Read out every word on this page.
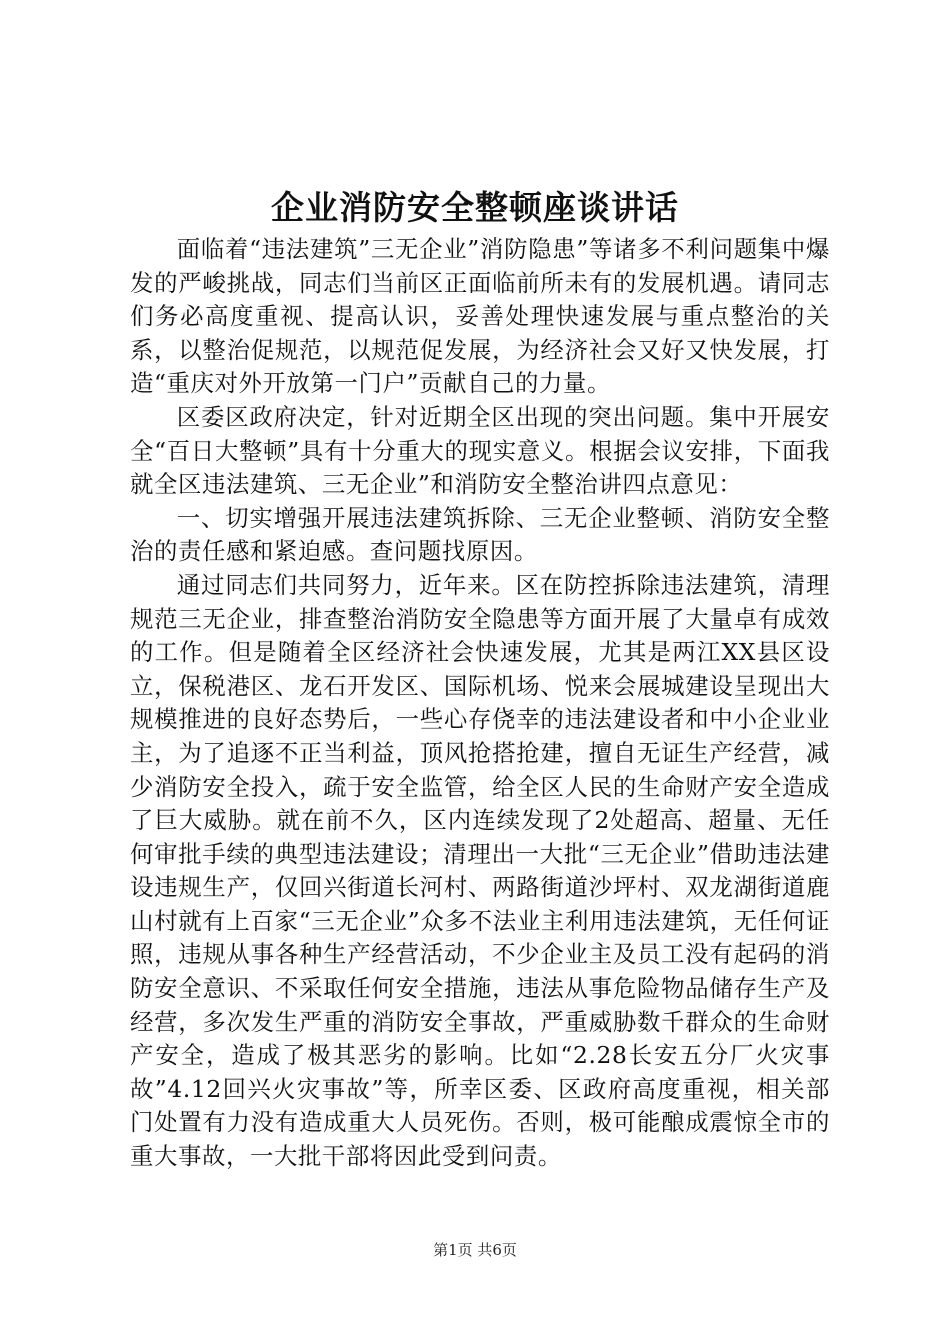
企业消防安全整顿座谈讲话

面临着“违法建筑”三无企业”消防隐患”等诸多不利问题集中爆发的严峻挑战，同志们当前区正面临前所未有的发展机遇。请同志们务必高度重视、提高认识，妥善处理快速发展与重点整治的关系，以整治促规范，以规范促发展，为经济社会又好又快发展，打造“重庆对外开放第一门户”贡献自己的力量。

区委区政府决定，针对近期全区出现的突出问题。集中开展安全“百日大整顿”具有十分重大的现实意义。根据会议安排，下面我就全区违法建筑、三无企业”和消防安全整治讲四点意见：

一、切实增强开展违法建筑拆除、三无企业整顿、消防安全整治的责任感和紧迫感。查问题找原因。

通过同志们共同努力，近年来。区在防控拆除违法建筑，清理规范三无企业，排查整治消防安全隐患等方面开展了大量卓有成效的工作。但是随着全区经济社会快速发展，尤其是两江XX县区设立，保税港区、龙石开发区、国际机场、悦来会展城建设呈现出大规模推进的良好态势后，一些心存侥幸的违法建设者和中小企业业主，为了追逐不正当利益，顶风抢搭抢建，擅自无证生产经营，减少消防安全投入，疏于安全监管，给全区人民的生命财产安全造成了巨大威胁。就在前不久，区内连续发现了2处超高、超量、无任何审批手续的典型违法建设；清理出一大批“三无企业”借助违法建设违规生产，仅回兴街道长河村、两路街道沙坪村、双龙湖街道鹿山村就有上百家“三无企业”众多不法业主利用违法建筑，无任何证照，违规从事各种生产经营活动，不少企业主及员工没有起码的消防安全意识、不采取任何安全措施，违法从事危险物品储存生产及经营，多次发生严重的消防安全事故，严重威胁数千群众的生命财产安全，造成了极其恶劣的影响。比如“2.28长安五分厂火灾事故”4.12回兴火灾事故”等，所幸区委、区政府高度重视，相关部门处置有力没有造成重大人员死伤。否则，极可能酿成震惊全市的重大事故，一大批干部将因此受到问责。

第1页 共6页
